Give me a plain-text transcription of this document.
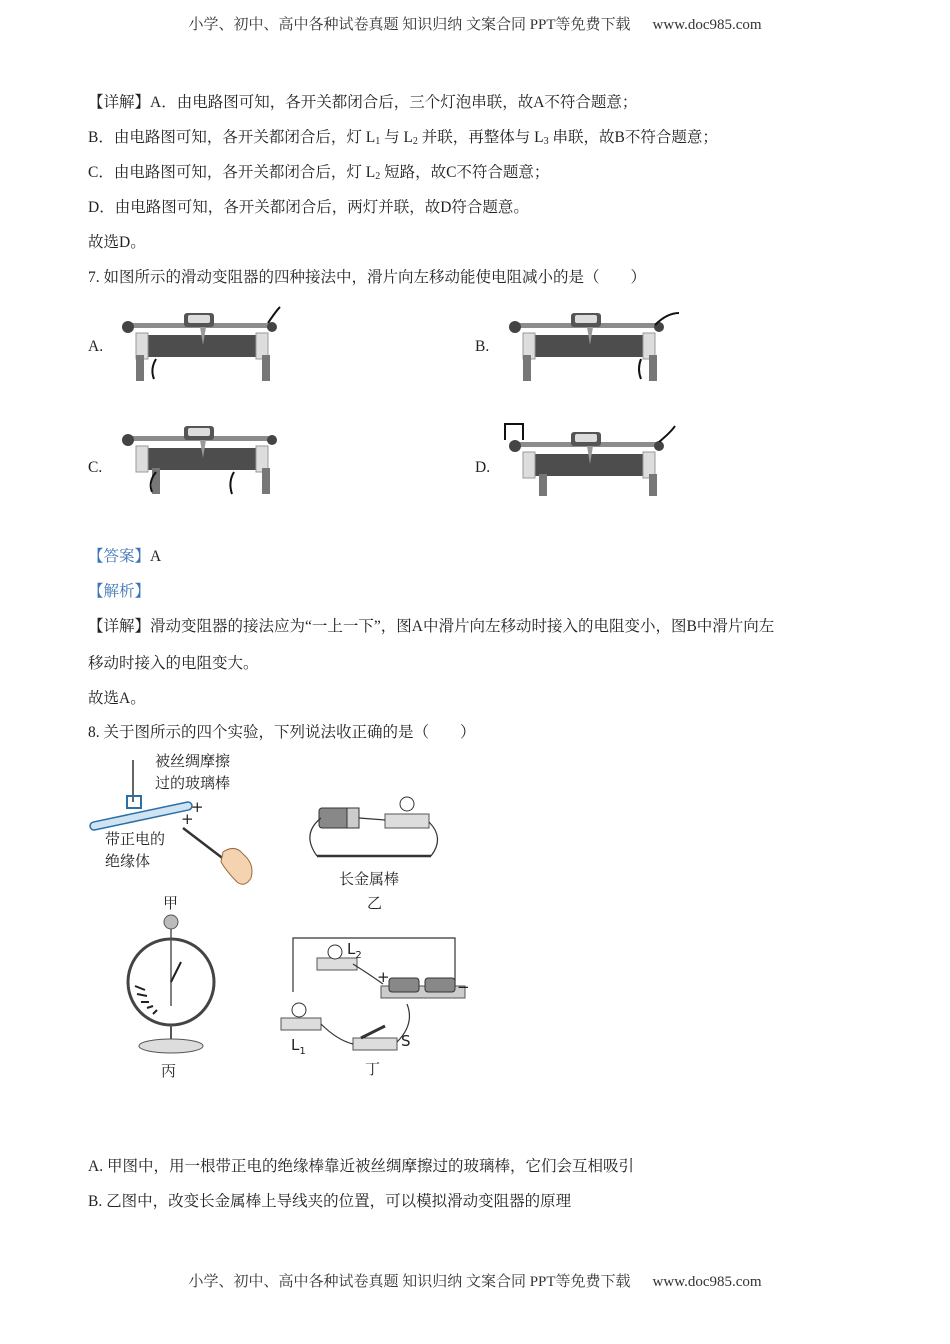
小学、初中、高中各种试卷真题 知识归纳 文案合同 PPT等免费下载 www.doc985.com
【详解】A．由电路图可知，各开关都闭合后，三个灯泡串联，故A不符合题意；
B．由电路图可知，各开关都闭合后，灯 $L_1$ 与 $L_2$ 并联，再整体与 $L_3$ 串联，故B不符合题意；
C．由电路图可知，各开关都闭合后，灯 $L_2$ 短路，故C不符合题意；
D．由电路图可知，各开关都闭合后，两灯并联，故D符合题意。
故选D。
7. 如图所示的滑动变阻器的四种接法中，滑片向左移动能使电阻减小的是（　　）
A.	B.
C.	D.
【答案】A
【解析】
【详解】滑动变阻器的接法应为“一上一下”，图A中滑片向左移动时接入的电阻变小，图B中滑片向左
移动时接入的电阻变大。
故选A。
8. 关于图所示的四个实验，下列说法收正确的是（　　）
被丝绸摩擦
过的玻璃棒
+
+
带正电的
绝缘体
长金属棒
乙
甲
丙
$L_2$
+
−
$L_1$
S
丁
A. 甲图中，用一根带正电的绝缘棒靠近被丝绸摩擦过的玻璃棒，它们会互相吸引
B. 乙图中，改变长金属棒上导线夹的位置，可以模拟滑动变阻器的原理
小学、初中、高中各种试卷真题 知识归纳 文案合同 PPT等免费下载 www.doc985.com
